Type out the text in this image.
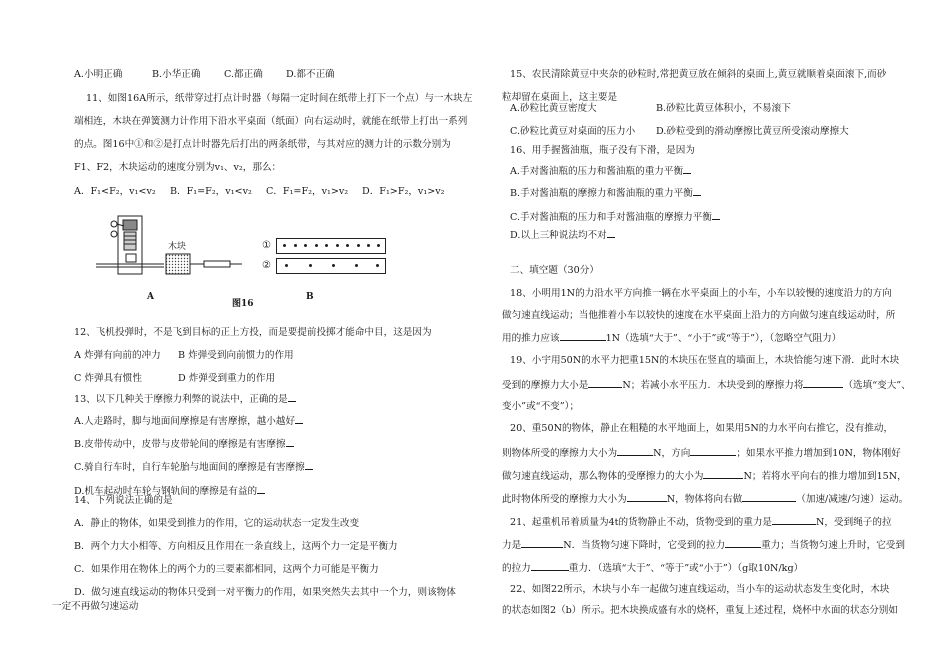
A.小明正确	B.小华正确 C.都正确 D.都不正确
11、如图16A所示，纸带穿过打点计时器（每隔一定时间在纸带上打下一个点）与一木块左
端相连，木块在弹簧测力计作用下沿水平桌面（纸面）向右运动时，就能在纸带上打出一系列
的点。图16中①和②是打点计时器先后打出的两条纸带，与其对应的测力计的示数分别为
F1、F2，木块运动的速度分别为v₁、v₂，那么：
A．F₁<F₂，v₁<v₂ B．F₁=F₂，v₁<v₂ C．F₁=F₂，v₁>v₂ D．F₁>F₂，v₁>v₂
木块
A
①
②
B
图16
12、飞机投弹时，不是飞到目标的正上方投，而是要提前投掷才能命中目，这是因为
A 炸弹有向前的冲力 B 炸弹受到向前惯力的作用
C 炸弹具有惯性	D 炸弹受到重力的作用
13、以下几种关于摩擦力利弊的说法中，正确的是
A.人走路时，脚与地面间摩擦是有害摩擦，越小越好
B.皮带传动中，皮带与皮带轮间的摩擦是有害摩擦
C.骑自行车时，自行车轮胎与地面间的摩擦是有害摩擦
D.机车起动时车轮与钢轨间的摩擦是有益的
14、下列说法正确的是
A．静止的物体，如果受到推力的作用，它的运动状态一定发生改变
B．两个力大小相等、方向相反且作用在一条直线上，这两个力一定是平衡力
C．如果作用在物体上的两个力的三要素都相同，这两个力可能是平衡力
D．做匀速直线运动的物体只受到一对平衡力的作用，如果突然失去其中一个力，则该物体
一定不再做匀速运动
15、农民清除黄豆中夹杂的砂粒时,常把黄豆放在倾斜的桌面上,黄豆就顺着桌面滚下,而砂
粒却留在桌面上，这主要是
A.砂粒比黄豆密度大	B.砂粒比黄豆体积小，不易滚下
C.砂粒比黄豆对桌面的压力小 D.砂粒受到的滑动摩擦比黄豆所受滚动摩擦大
16、用手握酱油瓶，瓶子没有下滑，是因为
A.手对酱油瓶的压力和酱油瓶的重力平衡
B.手对酱油瓶的摩擦力和酱油瓶的重力平衡
C.手对酱油瓶的压力和手对酱油瓶的摩擦力平衡
D.以上三种说法均不对
二、填空题（30分）
18、小明用1N的力沿水平方向推一辆在水平桌面上的小车，小车以较慢的速度沿力的方向
做匀速直线运动；当他推着小车以较快的速度在水平桌面上沿力的方向做匀速直线运动时，所
用的推力应该	1N（选填“大于”、“小于”或“等于”），（忽略空气阻力）
19、小宇用50N的水平力把重15N的木块压在竖直的墙面上，木块恰能匀速下滑．此时木块
受到的摩擦力大小是	N；若减小水平压力．木块受到的摩擦力将	（选填“变大”、
变小”或“不变”）；
20、重50N的物体，静止在粗糙的水平地面上，如果用5N的力水平向右推它，没有推动，
则物体所受的摩擦力大小为	N，方向	；如果水平推力增加到10N，物体刚好
做匀速直线运动，那么物体的受摩擦力的大小为	N；若将水平向右的推力增加到15N，
此时物体所受的摩擦力大小为	N，物体将向右做	（加速/减速/匀速）运动。
21、起重机吊着质量为4t的货物静止不动，货物受到的重力是	N，受到绳子的拉
力是	N．当货物匀速下降时，它受到的拉力	重力；当货物匀速上升时，它受到
的拉力	重力．（选填“大于”、“等于”或“小于”）（g取10N/kg）
22、如图22所示，木块与小车一起做匀速直线运动，当小车的运动状态发生变化时，木块
的状态如图2（b）所示。把木块换成盛有水的烧杯，重复上述过程，烧杯中水面的状态分别如
